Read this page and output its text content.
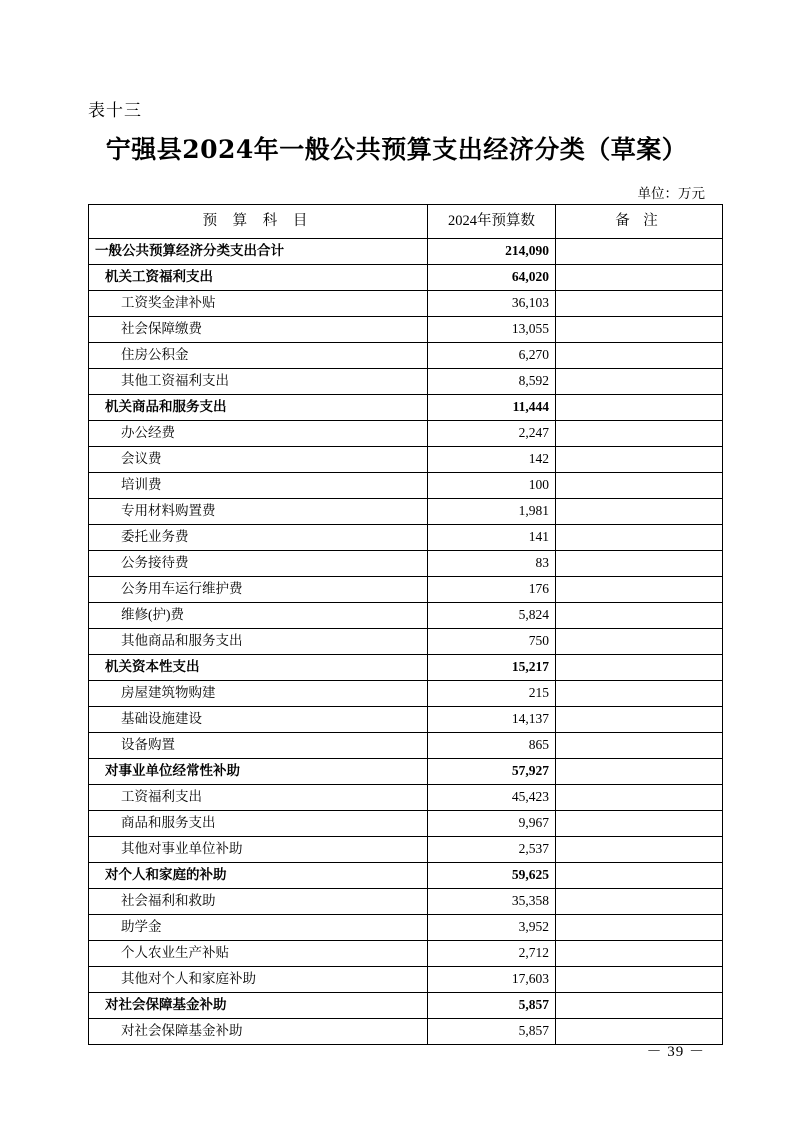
表十三
宁强县2024年一般公共预算支出经济分类（草案）
单位：万元
预 算 科 目	2024年预算数	备 注
一般公共预算经济分类支出合计	214,090	
机关工资福利支出	64,020	
工资奖金津补贴	36,103	
社会保障缴费	13,055	
住房公积金	6,270	
其他工资福利支出	8,592	
机关商品和服务支出	11,444	
办公经费	2,247	
会议费	142	
培训费	100	
专用材料购置费	1,981	
委托业务费	141	
公务接待费	83	
公务用车运行维护费	176	
维修(护)费	5,824	
其他商品和服务支出	750	
机关资本性支出	15,217	
房屋建筑物购建	215	
基础设施建设	14,137	
设备购置	865	
对事业单位经常性补助	57,927	
工资福利支出	45,423	
商品和服务支出	9,967	
其他对事业单位补助	2,537	
对个人和家庭的补助	59,625	
社会福利和救助	35,358	
助学金	3,952	
个人农业生产补贴	2,712	
其他对个人和家庭补助	17,603	
对社会保障基金补助	5,857	
对社会保障基金补助	5,857	
－ 39 －
